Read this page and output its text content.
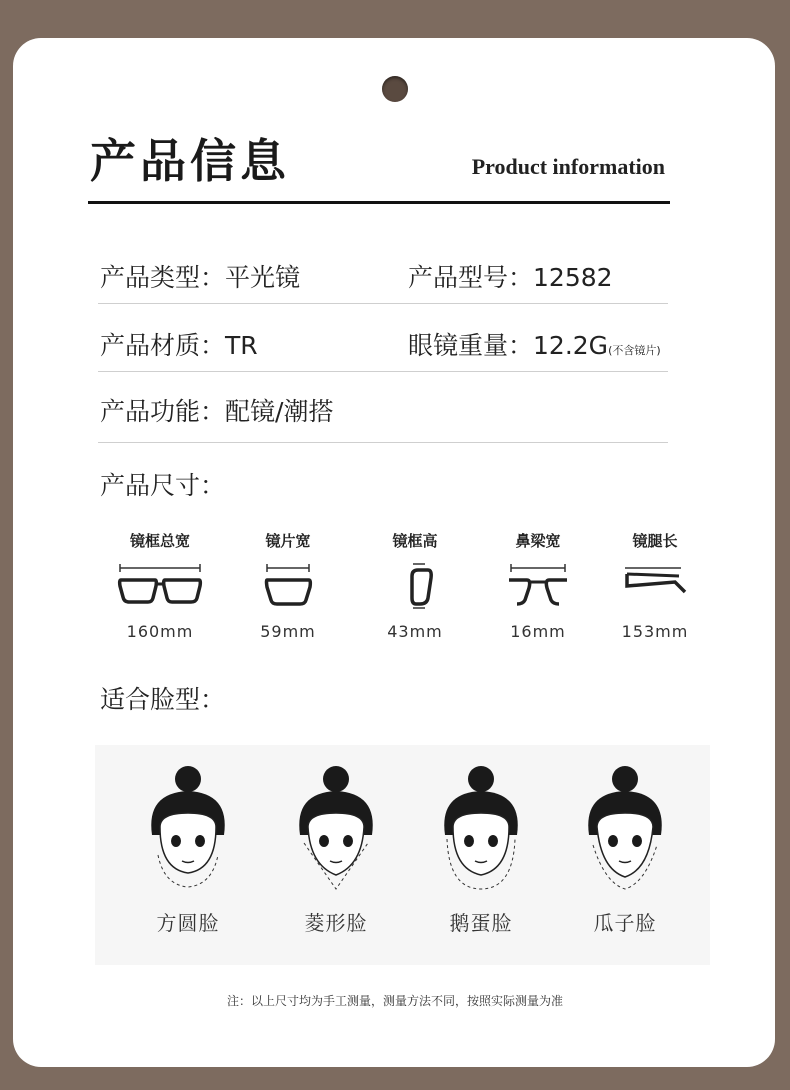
产品信息	Product information
产品类型：平光镜	产品型号：12582
产品材质：TR	眼镜重量：12.2G(不含镜片)
产品功能：配镜/潮搭
产品尺寸：
镜框总宽
160mm
镜片宽
59mm
镜框高
43mm
鼻梁宽
16mm
镜腿长
153mm
适合脸型：
方圆脸	菱形脸	鹅蛋脸	瓜子脸
注：以上尺寸均为手工测量，测量方法不同，按照实际测量为准
